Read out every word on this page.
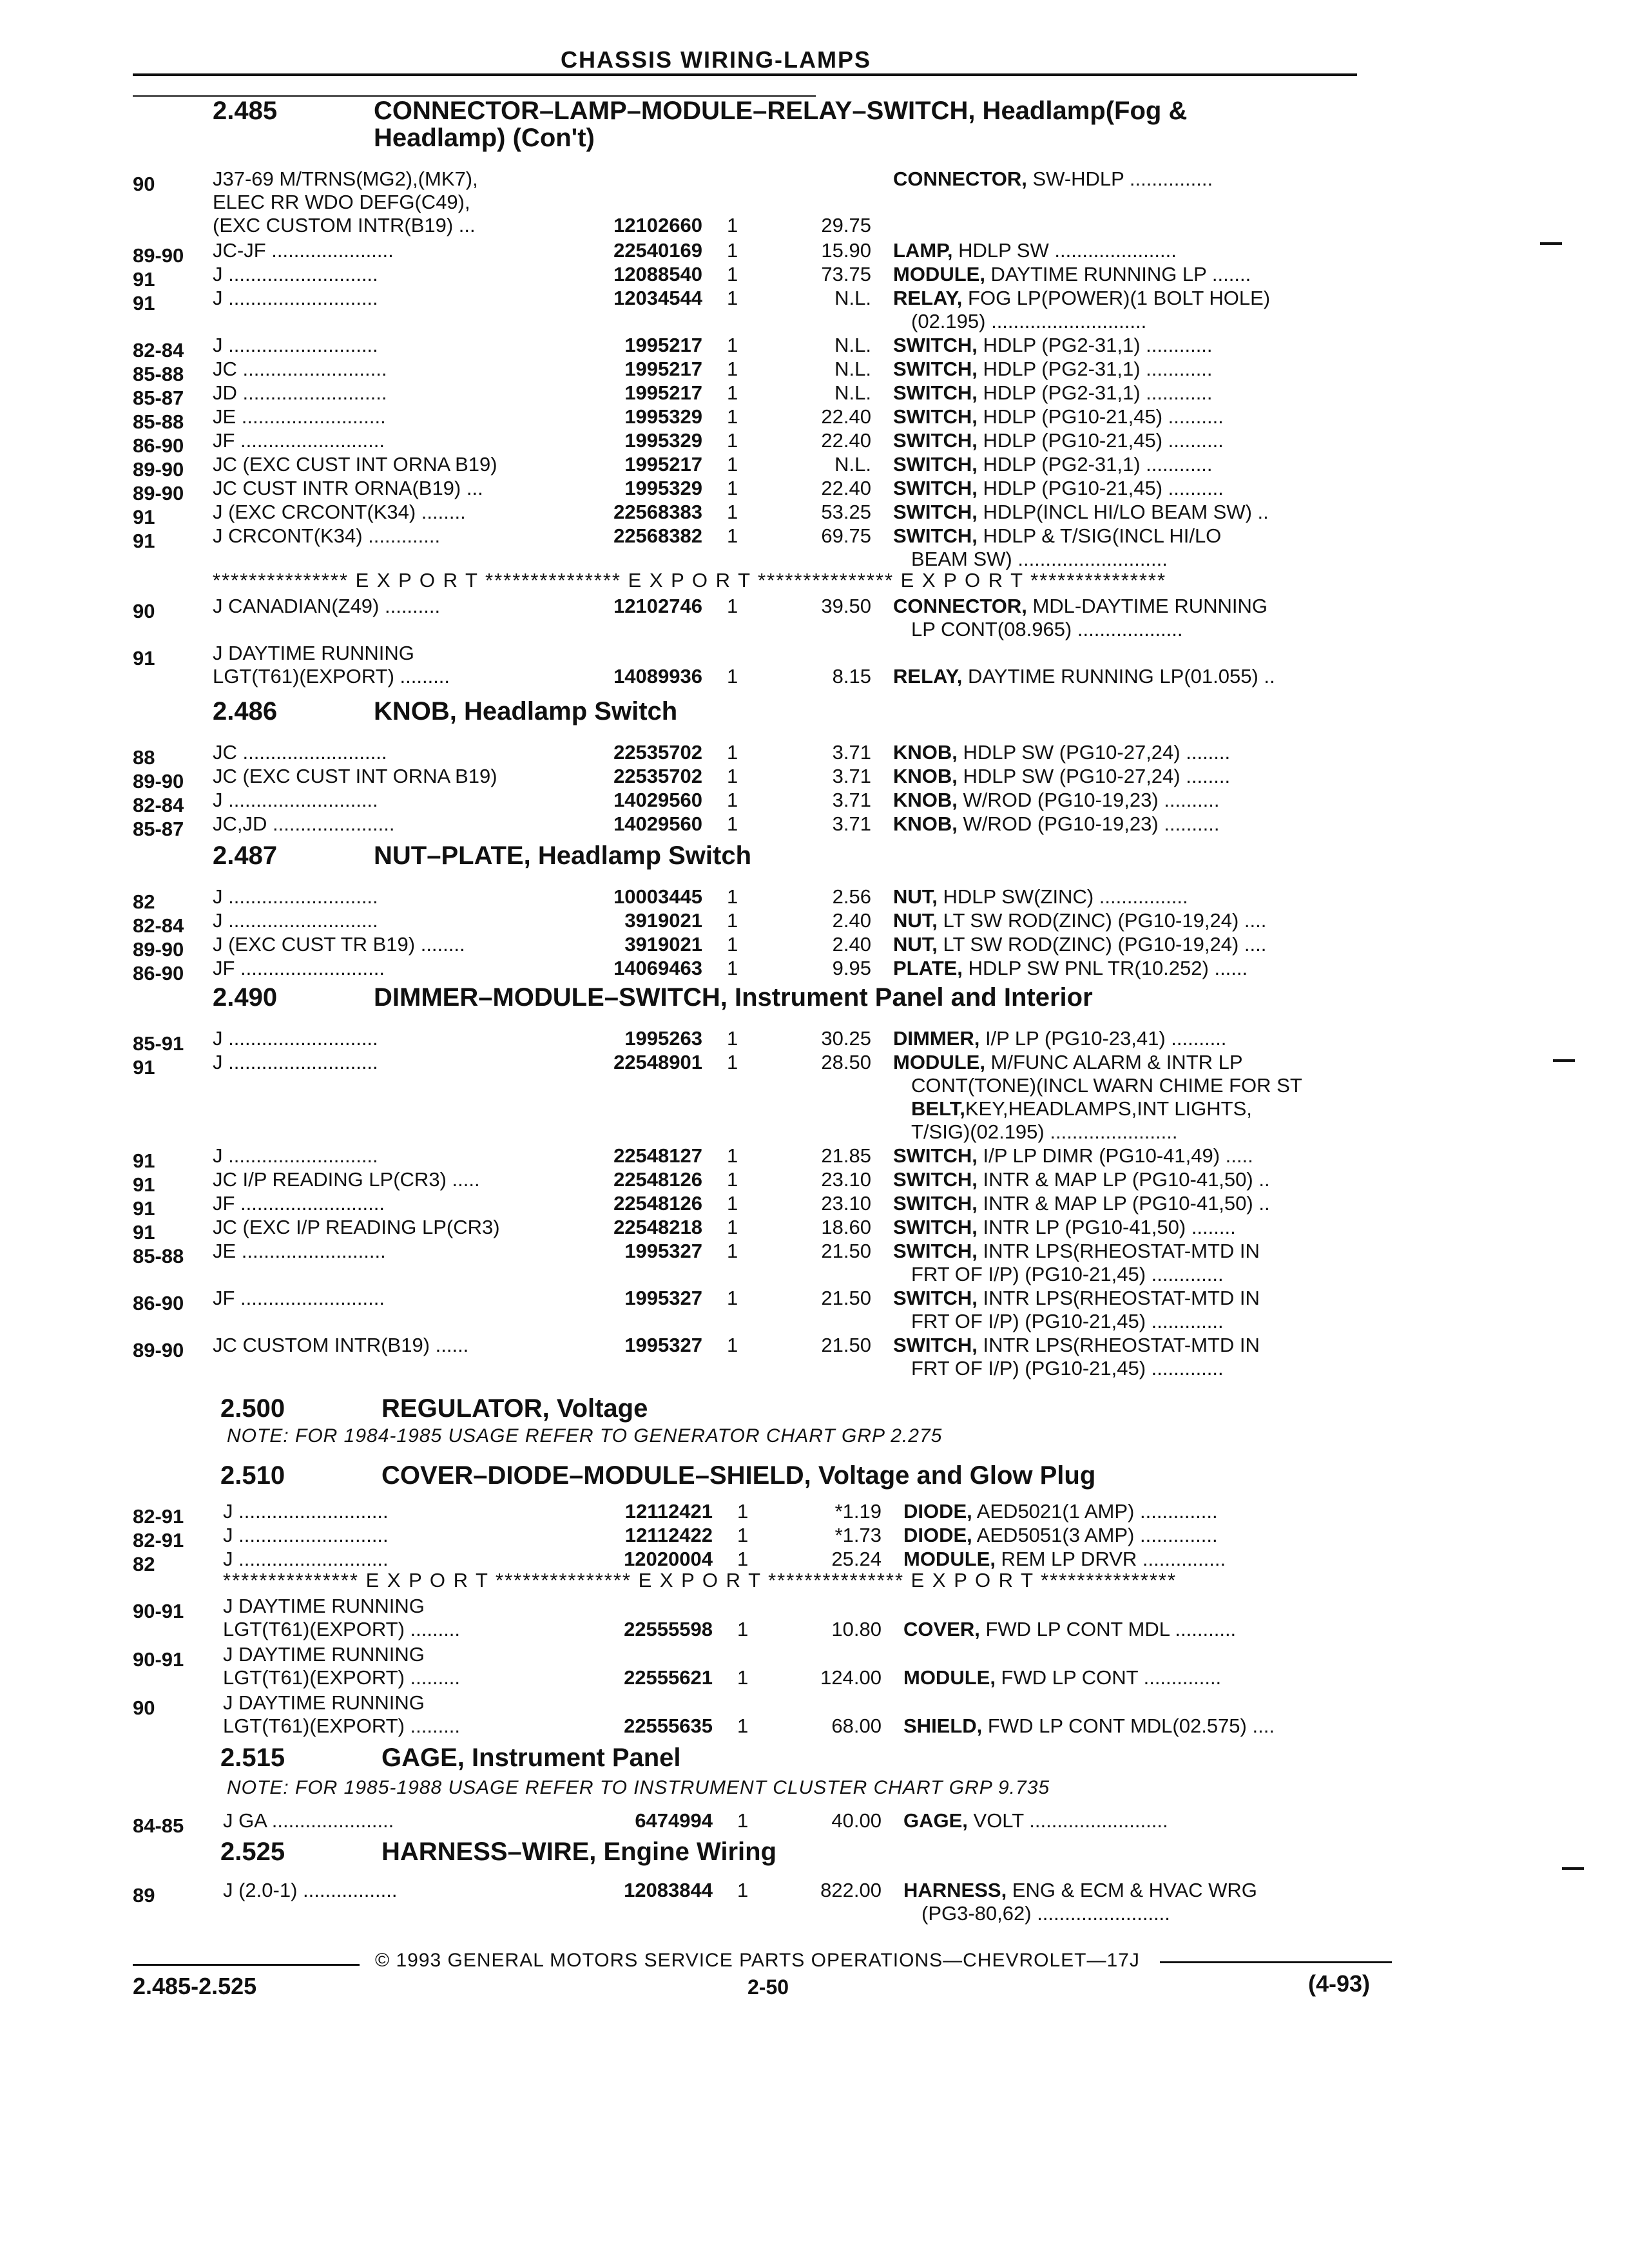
CHASSIS WIRING-LAMPS
2.485	CONNECTOR–LAMP–MODULE–RELAY–SWITCH, Headlamp(Fog &
Headlamp) (Con't)
90	J37-69 M/TRNS(MG2),(MK7),
ELEC RR WDO DEFG(C49),
(EXC CUSTOM INTR(B19) ...	12102660 1	29.75
CONNECTOR, SW-HDLP ...............
89-90 JC-JF ......................	22540169 1	15.90 LAMP, HDLP SW ......................
91	J ...........................	12088540 1	73.75 MODULE, DAYTIME RUNNING LP .......
91	J ...........................	12034544 1	N.L. RELAY, FOG LP(POWER)(1 BOLT HOLE)
(02.195) ............................
82-84 J ...........................	1995217 1	N.L. SWITCH, HDLP (PG2-31,1) ............
85-88 JC ..........................	1995217 1	N.L. SWITCH, HDLP (PG2-31,1) ............
85-87 JD ..........................	1995217 1	N.L. SWITCH, HDLP (PG2-31,1) ............
85-88 JE ..........................	1995329 1	22.40 SWITCH, HDLP (PG10-21,45) ..........
86-90 JF ..........................	1995329 1	22.40 SWITCH, HDLP (PG10-21,45) ..........
89-90 JC (EXC CUST INT ORNA B19)	1995217 1	N.L. SWITCH, HDLP (PG2-31,1) ............
89-90 JC CUST INTR ORNA(B19) ...	1995329 1	22.40 SWITCH, HDLP (PG10-21,45) ..........
91	J (EXC CRCONT(K34) ........	22568383 1	53.25 SWITCH, HDLP(INCL HI/LO BEAM SW) ..
91	J CRCONT(K34) .............	22568382 1	69.75 SWITCH, HDLP & T/SIG(INCL HI/LO
BEAM SW) ...........................
*************** E X P O R T *************** E X P O R T *************** E X P O R T ***************
90	J CANADIAN(Z49) ..........	12102746 1	39.50 CONNECTOR, MDL-DAYTIME RUNNING
LP CONT(08.965) ...................
91	J DAYTIME RUNNING
LGT(T61)(EXPORT) .........	14089936 1	8.15 RELAY, DAYTIME RUNNING LP(01.055) ..
2.486	KNOB, Headlamp Switch
88	JC ..........................	22535702 1	3.71 KNOB, HDLP SW (PG10-27,24) ........
89-90 JC (EXC CUST INT ORNA B19)	22535702 1	3.71 KNOB, HDLP SW (PG10-27,24) ........
82-84 J ...........................	14029560 1	3.71 KNOB, W/ROD (PG10-19,23) ..........
85-87 JC,JD ......................	14029560 1	3.71 KNOB, W/ROD (PG10-19,23) ..........
2.487	NUT–PLATE, Headlamp Switch
82	J ...........................	10003445 1	2.56 NUT, HDLP SW(ZINC) ................
82-84 J ...........................	3919021 1	2.40 NUT, LT SW ROD(ZINC) (PG10-19,24) ....
89-90 J (EXC CUST TR B19) ........	3919021 1	2.40 NUT, LT SW ROD(ZINC) (PG10-19,24) ....
86-90 JF ..........................	14069463 1	9.95 PLATE, HDLP SW PNL TR(10.252) ......
2.490	DIMMER–MODULE–SWITCH, Instrument Panel and Interior
85-91 J ...........................	1995263 1	30.25 DIMMER, I/P LP (PG10-23,41) ..........
91	J ...........................	22548901 1	28.50 MODULE, M/FUNC ALARM & INTR LP
CONT(TONE)(INCL WARN CHIME FOR ST
BELT,KEY,HEADLAMPS,INT LIGHTS,
T/SIG)(02.195) .......................
91	J ...........................	22548127 1	21.85 SWITCH, I/P LP DIMR (PG10-41,49) .....
91	JC I/P READING LP(CR3) .....	22548126 1	23.10 SWITCH, INTR & MAP LP (PG10-41,50) ..
91	JF ..........................	22548126 1	23.10 SWITCH, INTR & MAP LP (PG10-41,50) ..
91	JC (EXC I/P READING LP(CR3)	22548218 1	18.60 SWITCH, INTR LP (PG10-41,50) ........
85-88 JE ..........................	1995327 1	21.50 SWITCH, INTR LPS(RHEOSTAT-MTD IN
FRT OF I/P) (PG10-21,45) .............
86-90 JF ..........................	1995327 1	21.50 SWITCH, INTR LPS(RHEOSTAT-MTD IN
FRT OF I/P) (PG10-21,45) .............
89-90 JC CUSTOM INTR(B19) ......	1995327 1	21.50 SWITCH, INTR LPS(RHEOSTAT-MTD IN
FRT OF I/P) (PG10-21,45) .............
2.500	REGULATOR, Voltage
NOTE: FOR 1984-1985 USAGE REFER TO GENERATOR CHART GRP 2.275
2.510	COVER–DIODE–MODULE–SHIELD, Voltage and Glow Plug
82-91 J ...........................	12112421 1	*1.19 DIODE, AED5021(1 AMP) ..............
82-91 J ...........................	12112422 1	*1.73 DIODE, AED5051(3 AMP) ..............
82	J ...........................	12020004 1	25.24 MODULE, REM LP DRVR ...............
*************** E X P O R T *************** E X P O R T *************** E X P O R T ***************
90-91 J DAYTIME RUNNING
LGT(T61)(EXPORT) .........	22555598 1	10.80 COVER, FWD LP CONT MDL ...........
90-91 J DAYTIME RUNNING
LGT(T61)(EXPORT) .........	22555621 1	124.00 MODULE, FWD LP CONT ..............
90	J DAYTIME RUNNING
LGT(T61)(EXPORT) .........	22555635 1	68.00 SHIELD, FWD LP CONT MDL(02.575) ....
2.515	GAGE, Instrument Panel
NOTE: FOR 1985-1988 USAGE REFER TO INSTRUMENT CLUSTER CHART GRP 9.735
84-85 J GA ......................	6474994 1	40.00 GAGE, VOLT .........................
2.525	HARNESS–WIRE, Engine Wiring
89	J (2.0-1) .................	12083844 1	822.00 HARNESS, ENG & ECM & HVAC WRG
(PG3-80,62) ........................
© 1993 GENERAL MOTORS SERVICE PARTS OPERATIONS—CHEVROLET—17J
2.485-2.525	2-50	(4-93)
